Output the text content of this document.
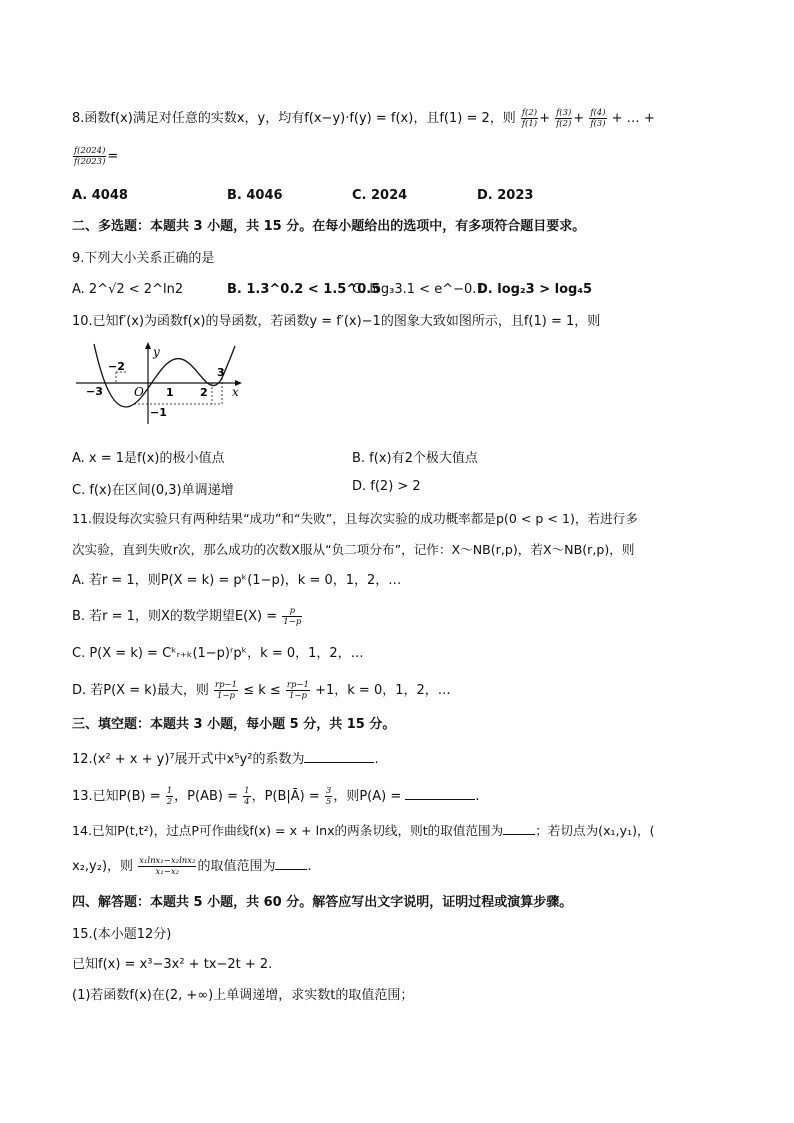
8.函数f(x)满足对任意的实数x，y，均有f(x−y)·f(y) = f(x)，且f(1) = 2，则 $\frac{f(2)}{f(1)} + \frac{f(3)}{f(2)} + \frac{f(4)}{f(3)}$ + … +
$\frac{f(2024)}{f(2023)}$ =
A. 4048	B. 4046	C. 2024	D. 2023
二、多选题：本题共 3 小题，共 15 分。在每小题给出的选项中，有多项符合题目要求。
9.下列大小关系正确的是
A. 2^√2 < 2^ln2	B. 1.3^0.2 < 1.5^0.5
C. log₃3.1 < e^−0.1
D. log₂3 > log₄5
10.已知f′(x)为函数f(x)的导函数，若函数y = f′(x)−1的图象大致如图所示，且f(1) = 1，则
y
x
O
−3
−2
1 2
3
−1
A. x = 1是f(x)的极小值点	B. f(x)有2个极大值点
C. f(x)在区间(0,3)单调递增	D. f(2) > 2
11.假设每次实验只有两种结果“成功”和“失败”，且每次实验的成功概率都是p(0 < p < 1)，若进行多
次实验，直到失败r次，那么成功的次数X服从“负二项分布”，记作：X～NB(r,p)，若X～NB(r,p)，则
A. 若r = 1，则P(X = k) = pᵏ(1−p)，k = 0，1，2，…
B. 若r = 1，则X的数学期望$E(X) = \frac{p}{1-p}$
C. P(X = k) = Cᵏᵣ₊ₖ(1−p)ʳpᵏ，k = 0，1，2，…
D. 若P(X = k)最大，则 $\frac{rp-1}{1-p} \le k \le \frac{rp-1}{1-p} +1$，k = 0，1，2，…
三、填空题：本题共 3 小题，每小题 5 分，共 15 分。
12.(x² + x + y)⁷展开式中x⁵y²的系数为	.
13.已知$P(B) = \frac{1}{2}$ ，$P(AB) = \frac{1}{4}$ ，P(B|Ā) = $\frac{3}{5}$ ，则P(A) =	.
14.已知P(t,t²)，过点P可作曲线f(x) = x + lnx的两条切线，则t的取值范围为	；若切点为(x₁,y₁)，(
x₂,y₂)，则 $\frac{\text{x₁lnx₁−x₂lnx₂}}{\text{x₁−x₂}}$ 的取值范围为 .
四、解答题：本题共 5 小题，共 60 分。解答应写出文字说明，证明过程或演算步骤。
15.(本小题12分)
已知f(x) = x³−3x² + tx−2t + 2.
(1)若函数f(x)在(2, +∞)上单调递增，求实数t的取值范围；
